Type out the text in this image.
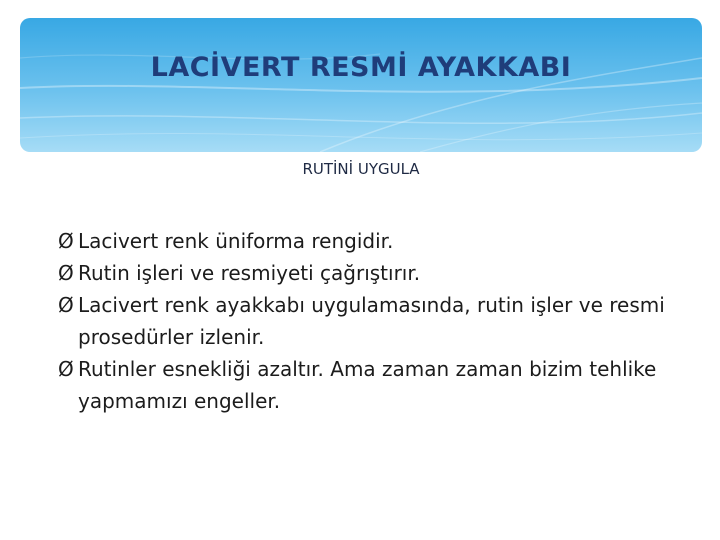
LACİVERT RESMİ AYAKKABI

RUTİNİ UYGULA

Ø Lacivert renk üniforma rengidir.
Ø Rutin işleri ve resmiyeti çağrıştırır.
Ø Lacivert renk ayakkabı uygulamasında, rutin işler ve resmi prosedürler izlenir.
Ø Rutinler esnekliği azaltır. Ama zaman zaman bizim tehlike yapmamızı engeller.
